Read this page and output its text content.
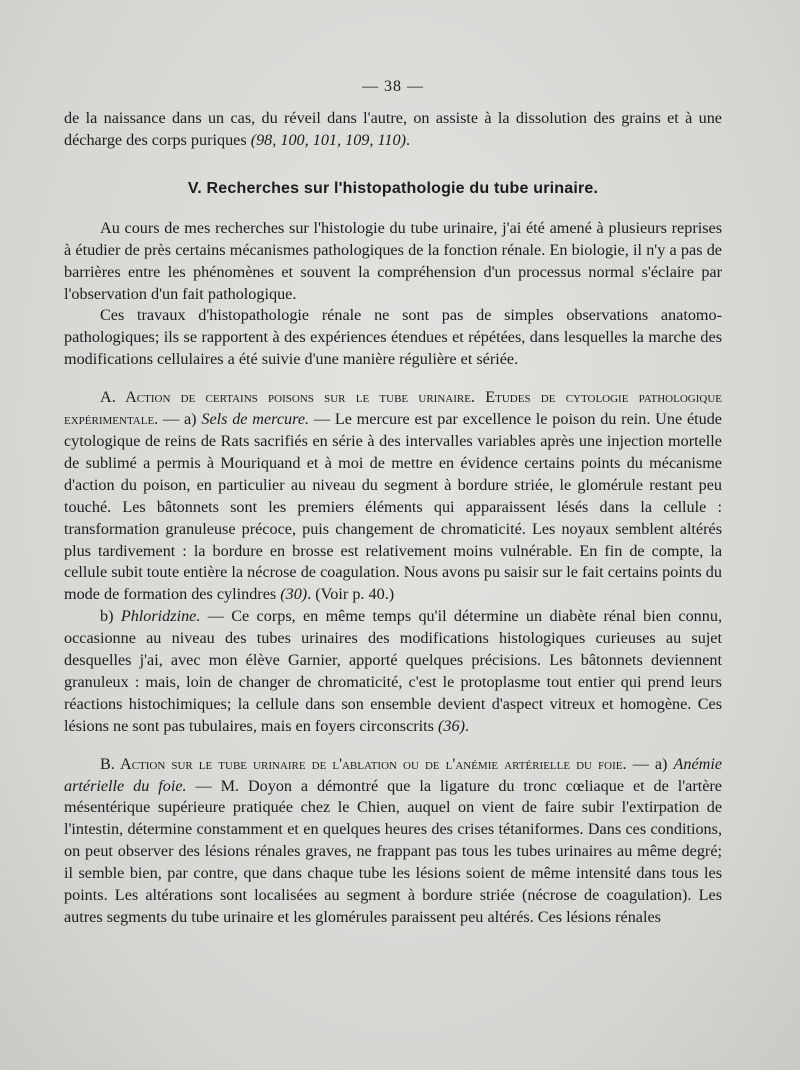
— 38 —

de la naissance dans un cas, du réveil dans l'autre, on assiste à la dissolution des grains et à une décharge des corps puriques (98, 100, 101, 109, 110).

V. Recherches sur l'histopathologie du tube urinaire.

Au cours de mes recherches sur l'histologie du tube urinaire, j'ai été amené à plusieurs reprises à étudier de près certains mécanismes pathologiques de la fonction rénale. En biologie, il n'y a pas de barrières entre les phénomènes et souvent la compréhension d'un processus normal s'éclaire par l'observation d'un fait pathologique.

Ces travaux d'histopathologie rénale ne sont pas de simples observations anatomo-pathologiques; ils se rapportent à des expériences étendues et répétées, dans lesquelles la marche des modifications cellulaires a été suivie d'une manière régulière et sériée.

A. Action de certains poisons sur le tube urinaire. Etudes de cytologie pathologique expérimentale. — a) Sels de mercure. — Le mercure est par excellence le poison du rein. Une étude cytologique de reins de Rats sacrifiés en série à des intervalles variables après une injection mortelle de sublimé a permis à Mouriquand et à moi de mettre en évidence certains points du mécanisme d'action du poison, en particulier au niveau du segment à bordure striée, le glomérule restant peu touché. Les bâtonnets sont les premiers éléments qui apparaissent lésés dans la cellule : transformation granuleuse précoce, puis changement de chromaticité. Les noyaux semblent altérés plus tardivement : la bordure en brosse est relativement moins vulnérable. En fin de compte, la cellule subit toute entière la nécrose de coagulation. Nous avons pu saisir sur le fait certains points du mode de formation des cylindres (30). (Voir p. 40.)

b) Phloridzine. — Ce corps, en même temps qu'il détermine un diabète rénal bien connu, occasionne au niveau des tubes urinaires des modifications histologiques curieuses au sujet desquelles j'ai, avec mon élève Garnier, apporté quelques précisions. Les bâtonnets deviennent granuleux : mais, loin de changer de chromaticité, c'est le protoplasme tout entier qui prend leurs réactions histochimiques; la cellule dans son ensemble devient d'aspect vitreux et homogène. Ces lésions ne sont pas tubulaires, mais en foyers circonscrits (36).

B. Action sur le tube urinaire de l'ablation ou de l'anémie artérielle du foie. — a) Anémie artérielle du foie. — M. Doyon a démontré que la ligature du tronc cœliaque et de l'artère mésentérique supérieure pratiquée chez le Chien, auquel on vient de faire subir l'extirpation de l'intestin, détermine constamment et en quelques heures des crises tétaniformes. Dans ces conditions, on peut observer des lésions rénales graves, ne frappant pas tous les tubes urinaires au même degré; il semble bien, par contre, que dans chaque tube les lésions soient de même intensité dans tous les points. Les altérations sont localisées au segment à bordure striée (nécrose de coagulation). Les autres segments du tube urinaire et les glomérules paraissent peu altérés. Ces lésions rénales
